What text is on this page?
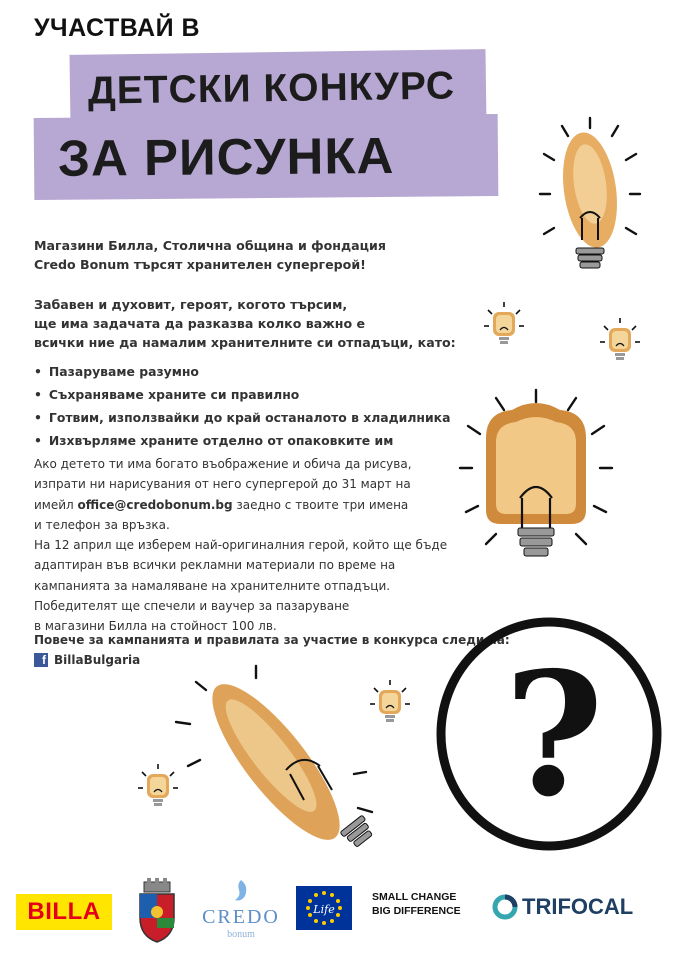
УЧАСТВАЙ В
ДЕТСКИ КОНКУРС
ЗА РИСУНКА
Магазини Билла, Столична община и фондация
Credo Bonum търсят хранителен супергерой!
Забавен и духовит, героят, когото търсим,
ще има задачата да разказва колко важно е
всички ние да намалим хранителните си отпадъци, като:
• Пазаруваме разумно
• Съхраняваме храните си правилно
• Готвим, използвайки до край останалото в хладилника
• Изхвърляме храните отделно от опаковките им

Ако детето ти има богато въображение и обича да рисува,

изпрати ни нарисувания от него супергерой до 31 март на

имейл office@credobonum.bg заедно с твоите три имена

и телефон за връзка.

На 12 април ще изберем най-оригиналния герой, който ще бъде

адаптиран във всички рекламни материали по време на

кампанията за намаляване на хранителните отпадъци.

Победителят ще спечели и ваучер за пазаруване

в магазини Билла на стойност 100 лв.

Повече за кампанията и правилата за участие в конкурса следи на:
f BillaBulgaria ?
BILLA	CREDO
bonum
Life
SMALL CHANGE
BIG DIFFERENCE	TRIFOCAL
